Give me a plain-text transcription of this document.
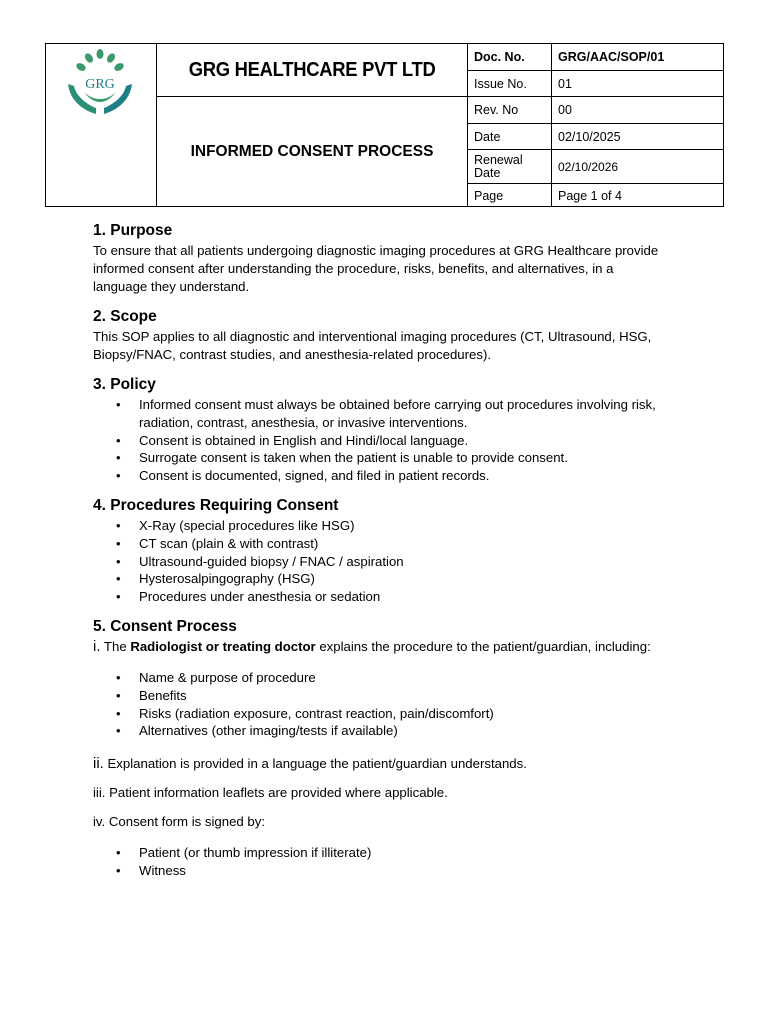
GRG
GRG HEALTHCARE PVT LTD
INFORMED CONSENT PROCESS
Doc. No.	GRG/AAC/SOP/01
Issue No.	01
Rev. No	00
Date	02/10/2025
Renewal Date	02/10/2026
Page	Page 1 of 4
1. Purpose

To ensure that all patients undergoing diagnostic imaging procedures at GRG Healthcare provide informed consent after understanding the procedure, risks, benefits, and alternatives, in a language they understand.

2. Scope

This SOP applies to all diagnostic and interventional imaging procedures (CT, Ultrasound, HSG, Biopsy/FNAC, contrast studies, and anesthesia-related procedures).

3. Policy
• Informed consent must always be obtained before carrying out procedures involving risk, radiation, contrast, anesthesia, or invasive interventions.
• Consent is obtained in English and Hindi/local language.
• Surrogate consent is taken when the patient is unable to provide consent.
• Consent is documented, signed, and filed in patient records.
4. Procedures Requiring Consent
• X-Ray (special procedures like HSG)
• CT scan (plain & with contrast)
• Ultrasound-guided biopsy / FNAC / aspiration
• Hysterosalpingography (HSG)
• Procedures under anesthesia or sedation
5. Consent Process

i. The Radiologist or treating doctor explains the procedure to the patient/guardian, including:

• Name & purpose of procedure
• Benefits
• Risks (radiation exposure, contrast reaction, pain/discomfort)
• Alternatives (other imaging/tests if available)

ii. Explanation is provided in a language the patient/guardian understands.

iii. Patient information leaflets are provided where applicable.

iv. Consent form is signed by:

• Patient (or thumb impression if illiterate)
• Witness
